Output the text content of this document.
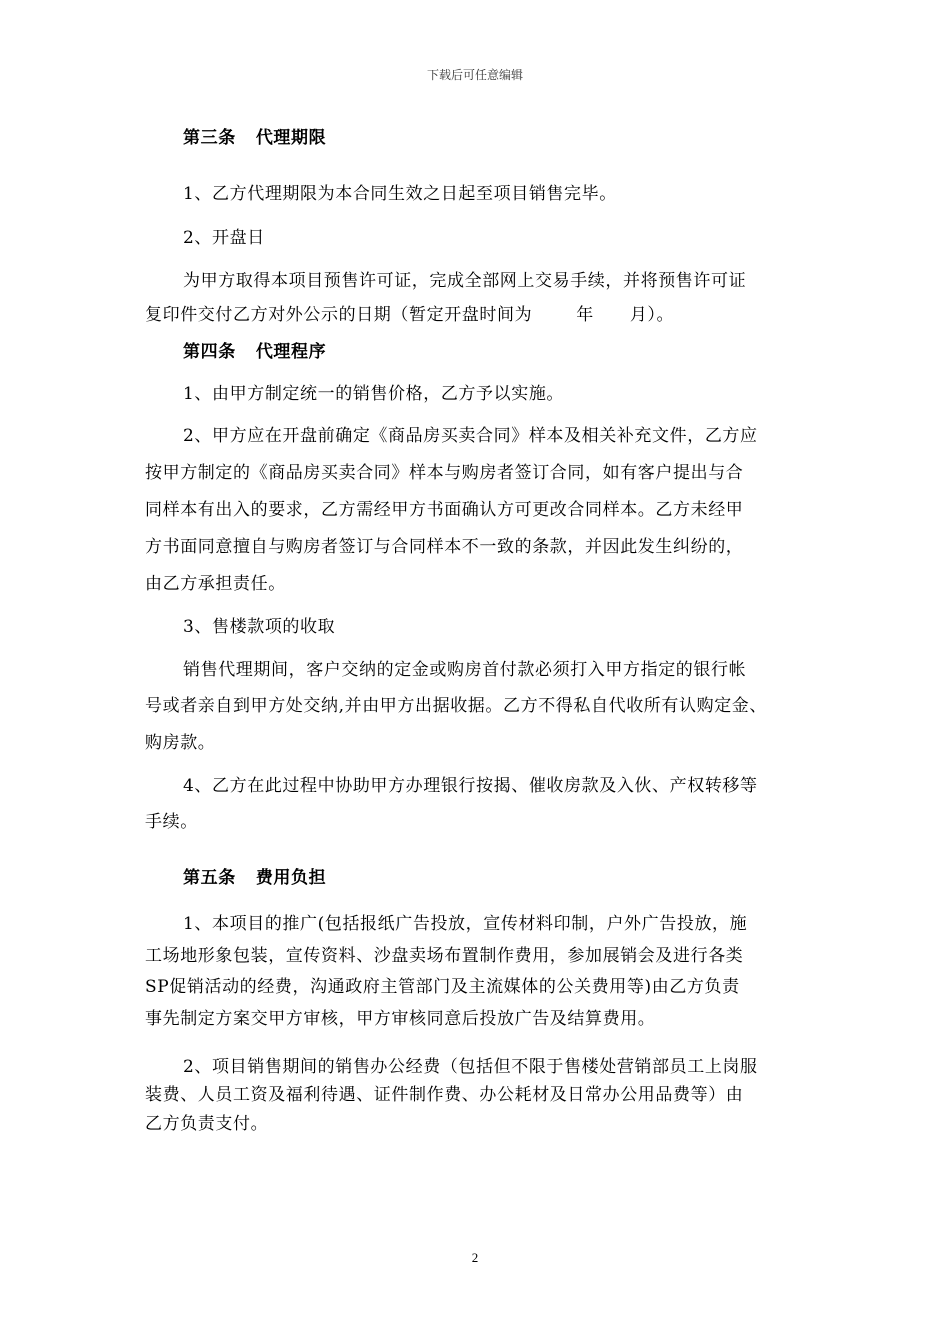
下载后可任意编辑
第三条 代理期限
1、乙方代理期限为本合同生效之日起至项目销售完毕。
2、开盘日
为甲方取得本项目预售许可证，完成全部网上交易手续，并将预售许可证
复印件交付乙方对外公示的日期（暂定开盘时间为	年 月）。
第四条 代理程序
1、由甲方制定统一的销售价格，乙方予以实施。
2、甲方应在开盘前确定《商品房买卖合同》样本及相关补充文件，乙方应
按甲方制定的《商品房买卖合同》样本与购房者签订合同，如有客户提出与合
同样本有出入的要求，乙方需经甲方书面确认方可更改合同样本。乙方未经甲
方书面同意擅自与购房者签订与合同样本不一致的条款，并因此发生纠纷的，
由乙方承担责任。
3、售楼款项的收取
销售代理期间，客户交纳的定金或购房首付款必须打入甲方指定的银行帐
号或者亲自到甲方处交纳,并由甲方出据收据。乙方不得私自代收所有认购定金、
购房款。
4、乙方在此过程中协助甲方办理银行按揭、催收房款及入伙、产权转移等
手续。
第五条 费用负担
1、本项目的推广(包括报纸广告投放，宣传材料印制，户外广告投放，施
工场地形象包装，宣传资料、沙盘卖场布置制作费用，参加展销会及进行各类
SP促销活动的经费，沟通政府主管部门及主流媒体的公关费用等)由乙方负责
事先制定方案交甲方审核，甲方审核同意后投放广告及结算费用。
2、项目销售期间的销售办公经费（包括但不限于售楼处营销部员工上岗服
装费、人员工资及福利待遇、证件制作费、办公耗材及日常办公用品费等）由
乙方负责支付。
2
